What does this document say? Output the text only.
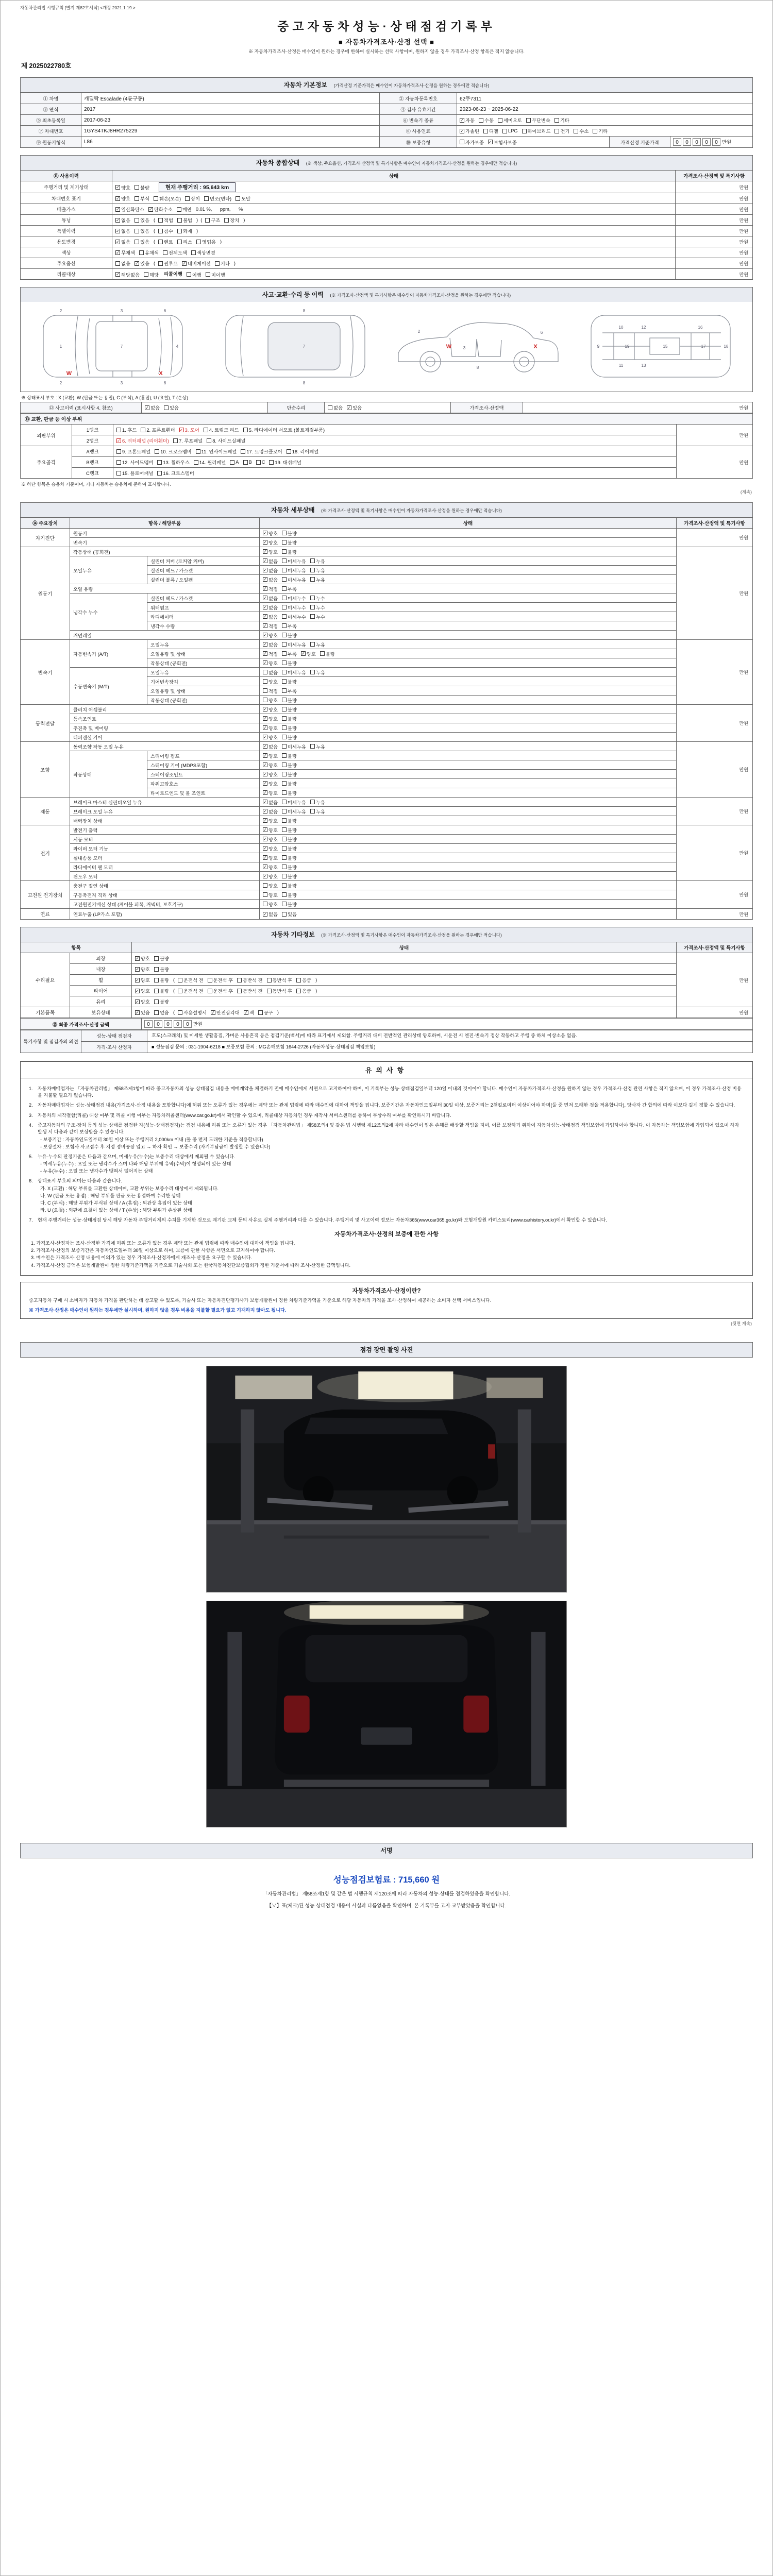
자동차관리법 시행규칙 [별지 제82호서식] <개정 2021.1.19.>
중고자동차성능·상태점검기록부
■ 자동차가격조사·산정 선택 ■
※ 자동차가격조사·산정은 매수인이 원하는 경우에 한하여 실시하는 선택 사항이며, 원하지 않을 경우 가격조사·산정 항목은 적지 않습니다.
제 2025022780호
자동차 기본정보 (가격산정 기준가격은 매수인이 자동차가격조사·산정을 원하는 경우에만 적습니다)
① 차명	캐딜락 Escalade (4륜구동)	② 자동차등록번호	62무7311		
③ 연식	2017	④ 검사 유효기간	2023-06-23 ~ 2025-06-22		
⑤ 최초등록일	2017-06-23	⑥ 변속기 종류	✓ 자동 수동 세미오토 무단변속 기타
⑦ 차대번호	1GYS4TKJ8HR275229	⑧ 사용연료	✓ 가솔린 디젤 LPG 하이브리드 전기 수소 기타
⑨ 원동기형식	L86	⑩ 보증유형	자가보증 ✓ 보험사보증	가격산정 기준가격	0 0 0 0 0 만원
자동차 종합상태 (※ 색상, 주요옵션, 가격조사·산정액 및 특기사항은 매수인이 자동차가격조사·산정을 원하는 경우에만 적습니다)
⑪ 사용이력	상태	가격조사·산정액 및 특기사항
주행거리 및 계기상태	✓ 양호 불량 현재 주행거리 : 95,643 km	만원
차대번호 표기	✓ 양호 부식 훼손(오손) 상이 변조(변타) 도말	만원
배출가스	✓ 일산화탄소 ✓ 탄화수소 매연 0.01 %,      ppm,      %	만원
튜닝	✓ 없음 있음 ( 적법 불법 )  ( 구조 장치 )	만원
특별이력	✓ 없음 있음 ( 침수 화재 )	만원
용도변경	✓ 없음 있음 ( 렌트 리스 영업용 )	만원
색상	✓ 무채색 유채색 전체도색 색상변경	만원
주요옵션	없음 ✓ 있음 ( 썬루프 ✓ 네비게이션 기타 )	만원
리콜대상	✓ 해당없음 해당 리콜이행 이행 미이행	만원
사고·교환·수리 등 이력 (※ 가격조사·산정액 및 특기사항은 매수인이 자동차가격조사·산정을 원하는 경우에만 적습니다)
2	3	6
1	7	4
2	3	6
W	X
8
7
8
2
3
6
8
W	X	9
10
11
12
13
19	15
16
17	18
※ 상태표시 부호 : X (교환), W (판금 또는 용접), C (부식), A (흠집), U (요철), T (손상)
⑫ 사고이력 (표시사항 4. 참조)	✓ 없음 있음	단순수리	없음 ✓ 있음	가격조사·산정액	만원
⑬ 교환, 판금 등 이상 부위			
외판부위	1랭크	1. 후드 2. 프론트휀더 ✓ 3. 도어 4. 트렁크 리드 5. 라디에이터 서포트 (볼트체결부품)	만원
	2랭크	✓ 6. 쿼터패널 (리어휀더) 7. 루프패널 8. 사이드실패널	
주요골격	A랭크	9. 프론트패널 10. 크로스멤버 11. 인사이드패널 17. 트렁크플로어 18. 리어패널	만원
B랭크	12. 사이드멤버 13. 휠하우스 14. 필러패널 A B C 19. 대쉬패널
	C랭크	15. 플로어패널 16. 크로스멤버	
※ 하단 항목은 승용차 기준이며, 기타 자동차는 승용차에 준하여 표시합니다.
(계속)
자동차 세부상태 (※ 가격조사·산정액 및 특기사항은 매수인이 자동차가격조사·산정을 원하는 경우에만 적습니다)
⑭ 주요장치	항목 / 해당부품		상태	가격조사·산정액 및 특기사항
자기진단	원동기		✓ 양호 불량	만원
	변속기		✓ 양호 불량	
원동기	작동상태 (공회전)		✓ 양호 불량	만원
	오일누유	실린더 커버 (로커암 커버)	✓ 없음 미세누유 누유	
		실린더 헤드 / 가스켓	✓ 없음 미세누유 누유	
		실린더 블록 / 오일팬	✓ 없음 미세누유 누유	
	오일 유량		✓ 적정 부족	
	냉각수 누수	실린더 헤드 / 가스켓	✓ 없음 미세누수 누수	
		워터펌프	✓ 없음 미세누수 누수	
		라디에이터	✓ 없음 미세누수 누수	
		냉각수 수량	✓ 적정 부족	
	커먼레일		✓ 양호 불량	
변속기	자동변속기 (A/T)	오일누유	✓ 없음 미세누유 누유	만원
오일유량 및 상태	✓ 적정 부족 ✓ 양호 불량
		작동상태 (공회전)	✓ 양호 불량	
	수동변속기 (M/T)	오일누유	없음 미세누유 누유	
		기어변속장치	양호 불량	
		오일유량 및 상태	적정 부족	
		작동상태 (공회전)	양호 불량	
동력전달	클러치 어셈블리		✓ 양호 불량	만원
	등속조인트		✓ 양호 불량	
	추진축 및 베어링		✓ 양호 불량	
	디퍼렌셜 기어		✓ 양호 불량	
조향	동력조향 작동 오일 누유		✓ 없음 미세누유 누유	만원
	작동상태	스티어링 펌프	✓ 양호 불량	
		스티어링 기어 (MDPS포함)	✓ 양호 불량	
		스티어링조인트	✓ 양호 불량	
		파워고압호스	✓ 양호 불량	
		타이로드엔드 및 볼 조인트	✓ 양호 불량	
제동	브레이크 마스터 실린더오일 누유		✓ 없음 미세누유 누유	만원
	브레이크 오일 누유		✓ 없음 미세누유 누유	
	배력장치 상태		✓ 양호 불량	
전기	발전기 출력		✓ 양호 불량	만원
	시동 모터		✓ 양호 불량	
	와이퍼 모터 기능		✓ 양호 불량	
	실내송풍 모터		✓ 양호 불량	
	라디에이터 팬 모터		✓ 양호 불량	
	윈도우 모터		✓ 양호 불량	
고전원 전기장치	충전구 절연 상태		양호 불량	만원
	구동축전지 격리 상태		양호 불량	
	고전원전기배선 상태 (케이블 피복, 커넥터, 보호기구)		양호 불량	
연료	연료누출 (LP가스 포함)		✓ 없음 있음	만원
자동차 기타정보 (※ 가격조사·산정액 및 특기사항은 매수인이 자동차가격조사·산정을 원하는 경우에만 적습니다)
항목		상태	가격조사·산정액 및 특기사항
수리필요	외장	✓ 양호 불량	만원
	내장	✓ 양호 불량	
휠	✓ 양호 불량 ( 운전석 전 운전석 후 동반석 전 동반석 후 응급 )
타이어	✓ 양호 불량 ( 운전석 전 운전석 후 동반석 전 동반석 후 응급 )
	유리	✓ 양호 불량	
기본품목	보유상태	✓ 있음 없음 ( 사용설명서 ✓ 안전삼각대 ✓ 잭 공구 )	만원
⑮ 최종 가격조사·산정 금액	0 0 0 0 0 만원
특기사항 및 점검자의 의견	성능·상태 점검자	호도(스크래치) 및 미세한 생활흠집, 가벼운 사용흔적 등은 점검기준(백서)에 따라 표기에서 제외함. 주행거리 대비 전반적인 관리상태 양호하며, 시운전 시 엔진·변속기 정상 작동하고 주행 중 하체 이상소음 없음.
	가격·조사 산정자	■ 성능점검 문의 : 031-1904-6218 ■ 보증보험 문의 : MG손해보험 1644-2726 (자동차성능·상태점검 책임보험)
유의사항
1.	자동차매매업자는 「자동차관리법」 제58조제1항에 따라 중고자동차의 성능·상태점검 내용을 매매계약을 체결하기 전에 매수인에게 서면으로 고지하여야 하며, 이 기록부는 성능·상태점검일부터 120일 이내의 것이어야 합니다. 매수인이 자동차가격조사·산정을 원하지 않는 경우 가격조사·산정 관련 사항은 적지 않으며, 이 경우 가격조사·산정 비용을 지불할 필요가 없습니다.
2.	자동차매매업자는 성능·상태점검 내용(가격조사·산정 내용을 포함합니다)에 허위 또는 오류가 있는 경우에는 계약 또는 관계 법령에 따라 매수인에 대하여 책임을 집니다. 보증기간은 자동차인도일부터 30일 이상, 보증거리는 2천킬로미터 이상이어야 하며(둘 중 먼저 도래한 것을 적용합니다), 당사자 간 합의에 따라 이보다 길게 정할 수 있습니다.
3.	자동차의 제작결함(리콜) 대상 여부 및 리콜 이행 여부는 자동차리콜센터(www.car.go.kr)에서 확인할 수 있으며, 리콜대상 자동차인 경우 제작사 서비스센터를 통하여 무상수리 여부를 확인하시기 바랍니다.
4.	중고자동차의 구조·장치 등의 성능·상태를 점검한 자(성능·상태점검자)는 점검 내용에 허위 또는 오류가 있는 경우 「자동차관리법」 제58조의4 및 같은 법 시행령 제12조의2에 따라 매수인이 입은 손해를 배상할 책임을 지며, 이를 보장하기 위하여 자동차성능·상태점검 책임보험에 가입하여야 합니다. 이 자동차는 책임보험에 가입되어 있으며 하자 발생 시 다음과 같이 보상받을 수 있습니다.
- 보증기간 : 자동차인도일부터 30일 이상 또는 주행거리 2,000km 이내 (둘 중 먼저 도래한 기준을 적용합니다)
- 보상절차 : 보험사 사고접수 후 지정 정비공장 입고 → 하자 확인 → 보증수리 (자기부담금이 발생할 수 있습니다)
5.	누유·누수의 판정기준은 다음과 같으며, 미세누유(누수)는 보증수리 대상에서 제외될 수 있습니다.
- 미세누유(누수) : 오일 또는 냉각수가 스며 나와 해당 부위에 유막(수막)이 형성되어 있는 상태
- 누유(누수) : 오일 또는 냉각수가 맺혀서 떨어지는 상태
6.	상태표시 부호의 의미는 다음과 같습니다.
가. X (교환) : 해당 부위를 교환한 상태이며, 교환 부위는 보증수리 대상에서 제외됩니다.
나. W (판금 또는 용접) : 해당 부위를 판금 또는 용접하여 수리한 상태
다. C (부식) : 해당 부위가 부식된 상태 / A (흠집) : 외관상 흠집이 있는 상태
라. U (요철) : 외판에 요철이 있는 상태 / T (손상) : 해당 부위가 손상된 상태
7.	현재 주행거리는 성능·상태점검 당시 해당 자동차 주행거리계의 수치를 기재한 것으로 계기판 교체 등의 사유로 실제 주행거리와 다를 수 있습니다. 주행거리 및 사고이력 정보는 자동차365(www.car365.go.kr)와 보험개발원 카히스토리(www.carhistory.or.kr)에서 확인할 수 있습니다.
자동차가격조사·산정의 보증에 관한 사항
1. 가격조사·산정자는 조사·산정한 가격에 허위 또는 오류가 있는 경우 계약 또는 관계 법령에 따라 매수인에 대하여 책임을 집니다.
2. 가격조사·산정의 보증기간은 자동차인도일부터 30일 이상으로 하며, 보증에 관한 사항은 서면으로 고지하여야 합니다.
3. 매수인은 가격조사·산정 내용에 이의가 있는 경우 가격조사·산정자에게 재조사·산정을 요구할 수 있습니다.
4. 가격조사·산정 금액은 보험개발원이 정한 차량기준가액을 기준으로 기술사회 또는 한국자동차진단보증협회가 정한 기준서에 따라 조사·산정한 금액입니다.
자동차가격조사·산정이란?
중고자동차 구매 시 소비자가 자동차 가격을 판단하는 데 참고할 수 있도록, 기술사 또는 자동차진단평가사가 보험개발원이 정한 차량기준가액을 기준으로 해당 자동차의 가격을 조사·산정하여 제공하는 소비자 선택 서비스입니다.
※ 가격조사·산정은 매수인이 원하는 경우에만 실시하며, 원하지 않을 경우 비용을 지불할 필요가 없고 기재하지 않아도 됩니다.
(뒷면 계속)
점검 장면 촬영 사진
서명
성능점검보험료 : 715,660 원
「자동차관리법」 제58조제1항 및 같은 법 시행규칙 제120조에 따라 자동차의 성능·상태를 점검하였음을 확인합니다.
【∨】표(체크)된 성능·상태점검 내용이 사실과 다름없음을 확인하며, 본 기록부를 고지·교부받았음을 확인합니다.
